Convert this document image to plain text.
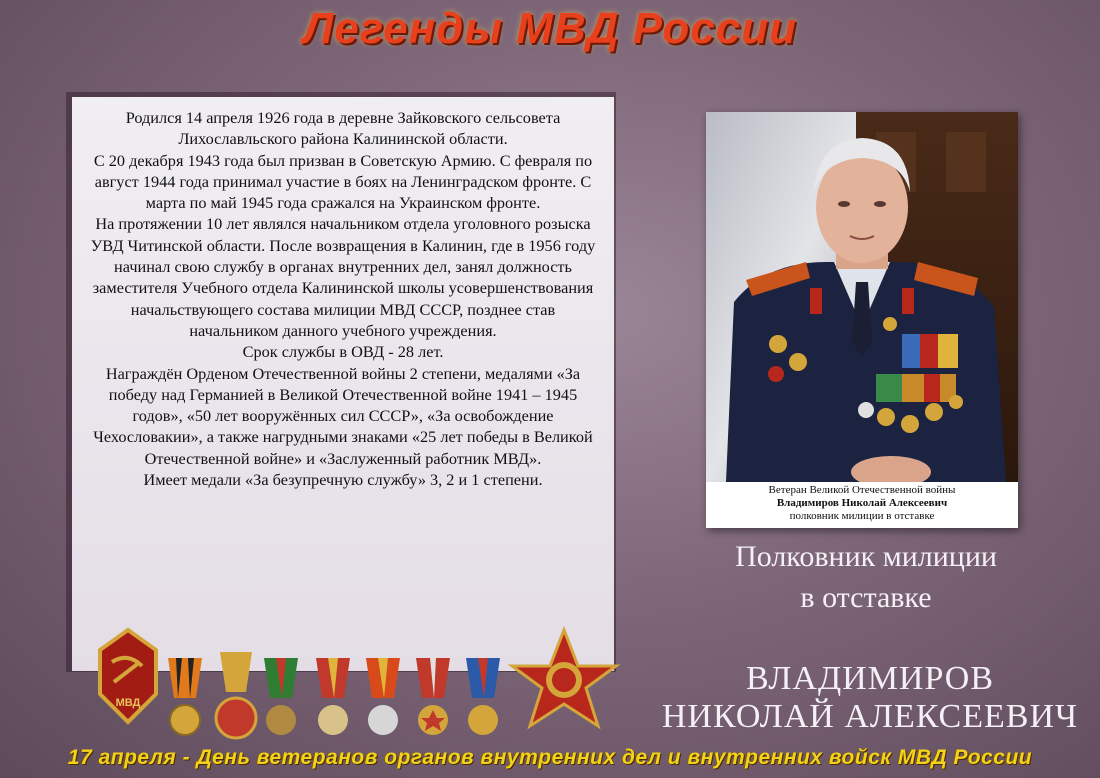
Легенды МВД России

Родился 14 апреля 1926 года в деревне Зайковского сельсовета Лихославльского района Калининской области.

С 20 декабря 1943 года был призван в Советскую Армию. С февраля по август 1944 года принимал участие в боях на Ленинградском фронте. С марта по май 1945 года сражался на Украинском фронте.

На протяжении 10 лет являлся начальником отдела уголовного розыска УВД Читинской области. После возвращения в Калинин, где в 1956 году начинал свою службу в органах внутренних дел, занял должность заместителя Учебного отдела Калининской школы усовершенствования начальствующего состава милиции МВД СССР, позднее став начальником данного учебного учреждения.

Срок службы в ОВД - 28 лет.

Награждён Орденом Отечественной войны 2 степени, медалями «За победу над Германией в Великой Отечественной войне 1941 – 1945 годов», «50 лет вооружённых сил СССР», «За освобождение Чехословакии», а также нагрудными знаками «25 лет победы в Великой Отечественной войне» и «Заслуженный работник МВД».

Имеет медали «За безупречную службу» 3, 2 и 1 степени.

Ветеран Великой Отечественной войны
Владимиров Николай Алексеевич
полковник милиции в отставке
Полковник милиции
в отставке
ВЛАДИМИРОВ
НИКОЛАЙ АЛЕКСЕЕВИЧ
МВД
17 апреля - День ветеранов органов внутренних дел и внутренних войск МВД России
